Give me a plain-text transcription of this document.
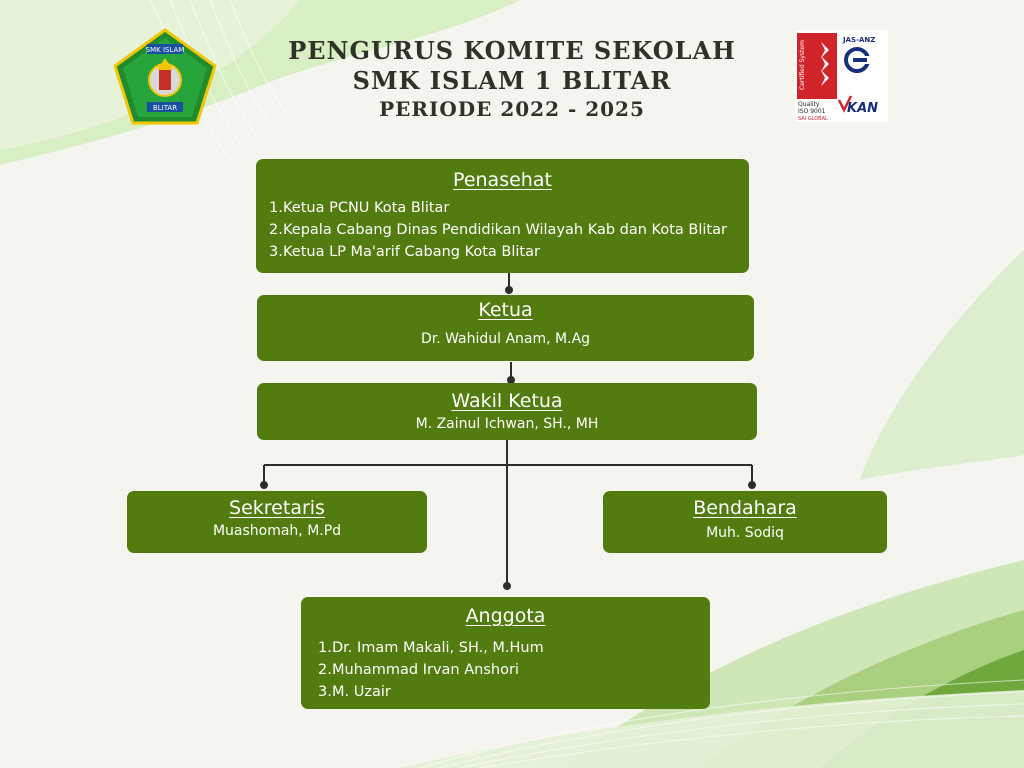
SMK ISLAM
BLITAR
Certified System
Quality
ISO 9001
SAI GLOBAL
JAS-ANZ
KAN
PENGURUS KOMITE SEKOLAH
SMK ISLAM 1 BLITAR
PERIODE 2022 - 2025
Penasehat
1.Ketua PCNU Kota Blitar
2.Kepala Cabang Dinas Pendidikan Wilayah Kab dan Kota Blitar
3.Ketua LP Ma'arif Cabang Kota Blitar
Ketua
Dr. Wahidul Anam, M.Ag
Wakil Ketua
M. Zainul Ichwan, SH., MH
Sekretaris
Muashomah, M.Pd
Bendahara
Muh. Sodiq
Anggota
1.Dr. Imam Makali, SH., M.Hum
2.Muhammad Irvan Anshori
3.M. Uzair
